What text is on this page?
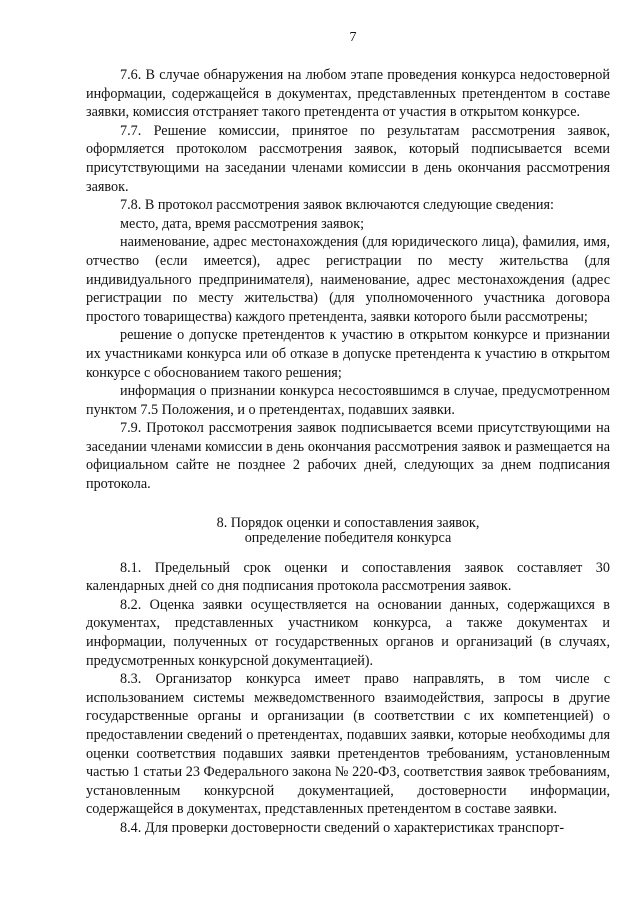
7

7.6. В случае обнаружения на любом этапе проведения конкурса недостоверной информации, содержащейся в документах, представленных претендентом в составе заявки, комиссия отстраняет такого претендента от участия в открытом конкурсе.

7.7. Решение комиссии, принятое по результатам рассмотрения заявок, оформляется протоколом рассмотрения заявок, который подписывается всеми присутствующими на заседании членами комиссии в день окончания рассмотрения заявок.

7.8. В протокол рассмотрения заявок включаются следующие сведения:

место, дата, время рассмотрения заявок;

наименование, адрес местонахождения (для юридического лица), фамилия, имя, отчество (если имеется), адрес регистрации по месту жительства (для индивидуального предпринимателя), наименование, адрес местонахождения (адрес регистрации по месту жительства) (для уполномоченного участника договора простого товарищества) каждого претендента, заявки которого были рассмотрены;

решение о допуске претендентов к участию в открытом конкурсе и признании их участниками конкурса или об отказе в допуске претендента к участию в открытом конкурсе с обоснованием такого решения;

информация о признании конкурса несостоявшимся в случае, предусмотренном пунктом 7.5 Положения, и о претендентах, подавших заявки.

7.9. Протокол рассмотрения заявок подписывается всеми присутствующими на заседании членами комиссии в день окончания рассмотрения заявок и размещается на официальном сайте не позднее 2 рабочих дней, следующих за днем подписания протокола.

8. Порядок оценки и сопоставления заявок,
определение победителя конкурса

8.1. Предельный срок оценки и сопоставления заявок составляет 30 календарных дней со дня подписания протокола рассмотрения заявок.

8.2. Оценка заявки осуществляется на основании данных, содержащихся в документах, представленных участником конкурса, а также документах и информации, полученных от государственных органов и организаций (в случаях, предусмотренных конкурсной документацией).

8.3. Организатор конкурса имеет право направлять, в том числе с использованием системы межведомственного взаимодействия, запросы в другие государственные органы и организации (в соответствии с их компетенцией) о предоставлении сведений о претендентах, подавших заявки, которые необходимы для оценки соответствия подавших заявки претендентов требованиям, установленным частью 1 статьи 23 Федерального закона № 220-ФЗ, соответствия заявок требованиям, установленным конкурсной документацией, достоверности информации, содержащейся в документах, представленных претендентом в составе заявки.

8.4. Для проверки достоверности сведений о характеристиках транспорт-
